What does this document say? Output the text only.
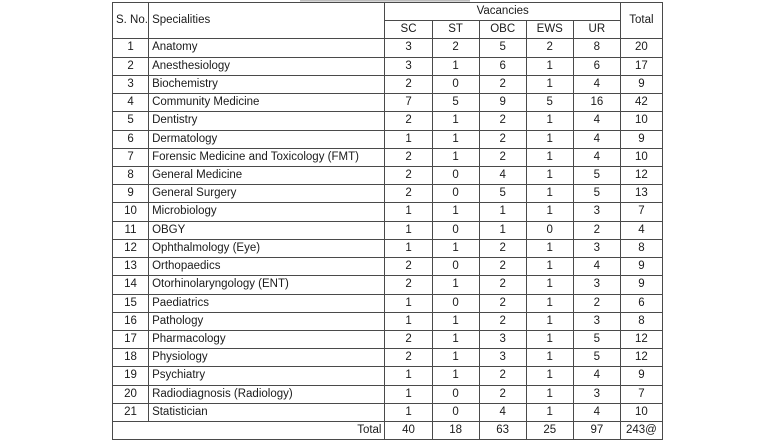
S. No.	Specialities	Vacancies					Total
		SC	ST	OBC	EWS	UR	
1	Anatomy	3	2	5	2	8	20
2	Anesthesiology	3	1	6	1	6	17
3	Biochemistry	2	0	2	1	4	9
4	Community Medicine	7	5	9	5	16	42
5	Dentistry	2	1	2	1	4	10
6	Dermatology	1	1	2	1	4	9
7	Forensic Medicine and Toxicology (FMT)	2	1	2	1	4	10
8	General Medicine	2	0	4	1	5	12
9	General Surgery	2	0	5	1	5	13
10	Microbiology	1	1	1	1	3	7
11	OBGY	1	0	1	0	2	4
12	Ophthalmology (Eye)	1	1	2	1	3	8
13	Orthopaedics	2	0	2	1	4	9
14	Otorhinolaryngology (ENT)	2	1	2	1	3	9
15	Paediatrics	1	0	2	1	2	6
16	Pathology	1	1	2	1	3	8
17	Pharmacology	2	1	3	1	5	12
18	Physiology	2	1	3	1	5	12
19	Psychiatry	1	1	2	1	4	9
20	Radiodiagnosis (Radiology)	1	0	2	1	3	7
21	Statistician	1	0	4	1	4	10
Total		40	18	63	25	97	243@
